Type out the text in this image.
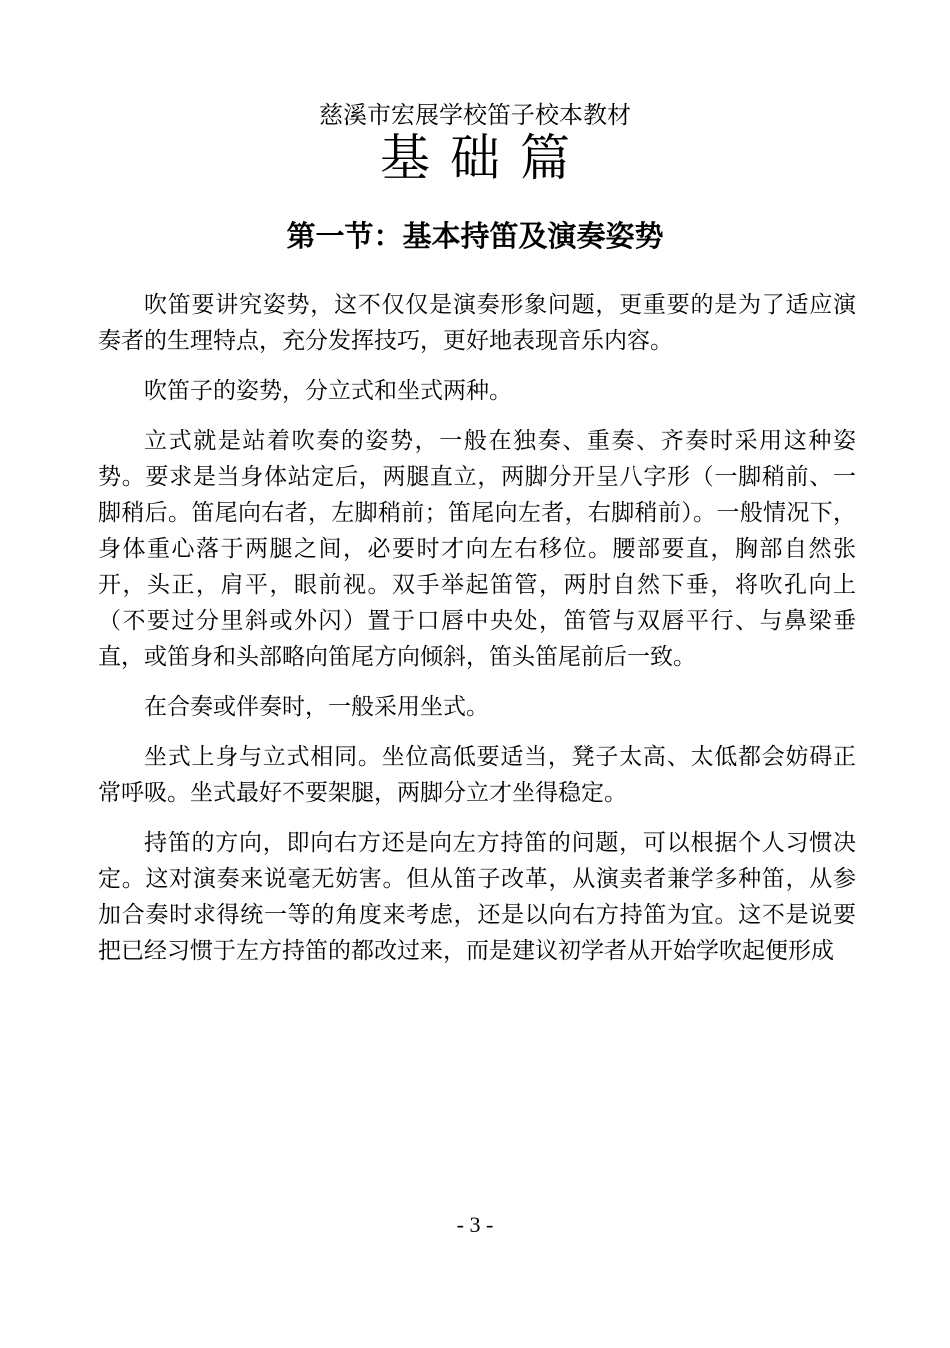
慈溪市宏展学校笛子校本教材
基础篇
第一节：基本持笛及演奏姿势

吹笛要讲究姿势，这不仅仅是演奏形象问题，更重要的是为了适应演奏者的生理特点，充分发挥技巧，更好地表现音乐内容。

吹笛子的姿势，分立式和坐式两种。

立式就是站着吹奏的姿势，一般在独奏、重奏、齐奏时采用这种姿势。要求是当身体站定后，两腿直立，两脚分开呈八字形（一脚稍前、一脚稍后。笛尾向右者，左脚稍前；笛尾向左者，右脚稍前）。一般情况下，身体重心落于两腿之间，必要时才向左右移位。腰部要直，胸部自然张开，头正，肩平，眼前视。双手举起笛管，两肘自然下垂，将吹孔向上（不要过分里斜或外闪）置于口唇中央处，笛管与双唇平行、与鼻梁垂直，或笛身和头部略向笛尾方向倾斜，笛头笛尾前后一致。

在合奏或伴奏时，一般采用坐式。

坐式上身与立式相同。坐位高低要适当，凳子太高、太低都会妨碍正常呼吸。坐式最好不要架腿，两脚分立才坐得稳定。

持笛的方向，即向右方还是向左方持笛的问题，可以根据个人习惯决定。这对演奏来说毫无妨害。但从笛子改革，从演卖者兼学多种笛，从参加合奏时求得统一等的角度来考虑，还是以向右方持笛为宜。这不是说要把已经习惯于左方持笛的都改过来，而是建议初学者从开始学吹起便形成

- 3 -
